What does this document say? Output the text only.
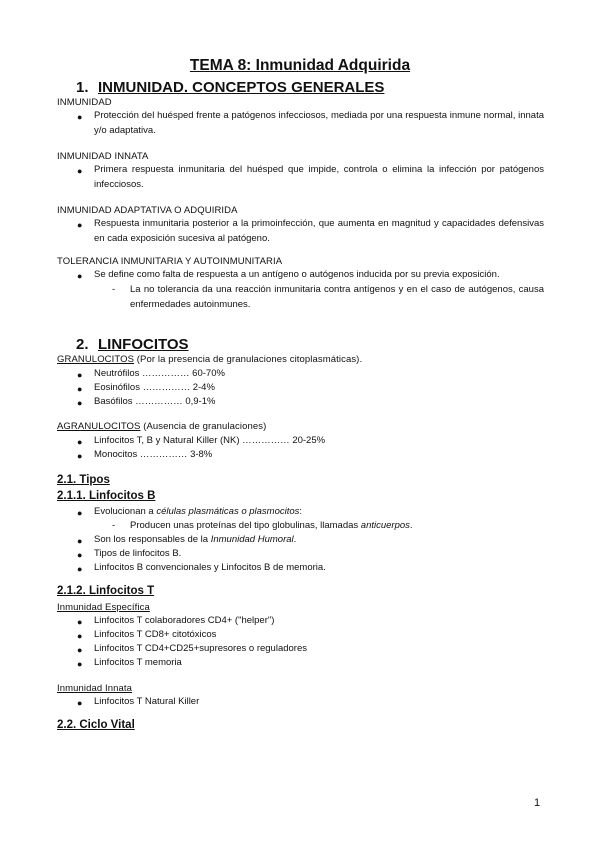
TEMA 8: Inmunidad Adquirida
1. INMUNIDAD. CONCEPTOS GENERALES
INMUNIDAD
●	Protección del huésped frente a patógenos infecciosos, mediada por una respuesta inmune normal, innata y/o adaptativa.
INMUNIDAD INNATA
●	Primera respuesta inmunitaria del huésped que impide, controla o elimina la infección por patógenos infecciosos.
INMUNIDAD ADAPTATIVA O ADQUIRIDA
●	Respuesta inmunitaria posterior a la primoinfección, que aumenta en magnitud y capacidades defensivas en cada exposición sucesiva al patógeno.
TOLERANCIA INMUNITARIA Y AUTOINMUNITARIA
●	Se define como falta de respuesta a un antígeno o autógenos inducida por su previa exposición.
- La no tolerancia da una reacción inmunitaria contra antígenos y en el caso de autógenos, causa enfermedades autoinmunes.
2. LINFOCITOS
GRANULOCITOS (Por la presencia de granulaciones citoplasmáticas).
●	Neutrófilos …………… 60-70%
●	Eosinófilos …………… 2-4%
●	Basófilos …………… 0,9-1%
AGRANULOCITOS (Ausencia de granulaciones)
●	Linfocitos T, B y Natural Killer (NK) …………… 20-25%
●	Monocitos …………… 3-8%
2.1. Tipos
2.1.1. Linfocitos B
●	Evolucionan a células plasmáticas o plasmocitos:
- Producen unas proteínas del tipo globulinas, llamadas anticuerpos.
●	Son los responsables de la Inmunidad Humoral.
●	Tipos de linfocitos B.
●	Linfocitos B convencionales y Linfocitos B de memoria.
2.1.2. Linfocitos T
Inmunidad Específica
●	Linfocitos T colaboradores CD4+ ("helper")
●	Linfocitos T CD8+ citotóxicos
●	Linfocitos T CD4+CD25+supresores o reguladores
●	Linfocitos T memoria
Inmunidad Innata
●	Linfocitos T Natural Killer
2.2. Ciclo Vital
1
